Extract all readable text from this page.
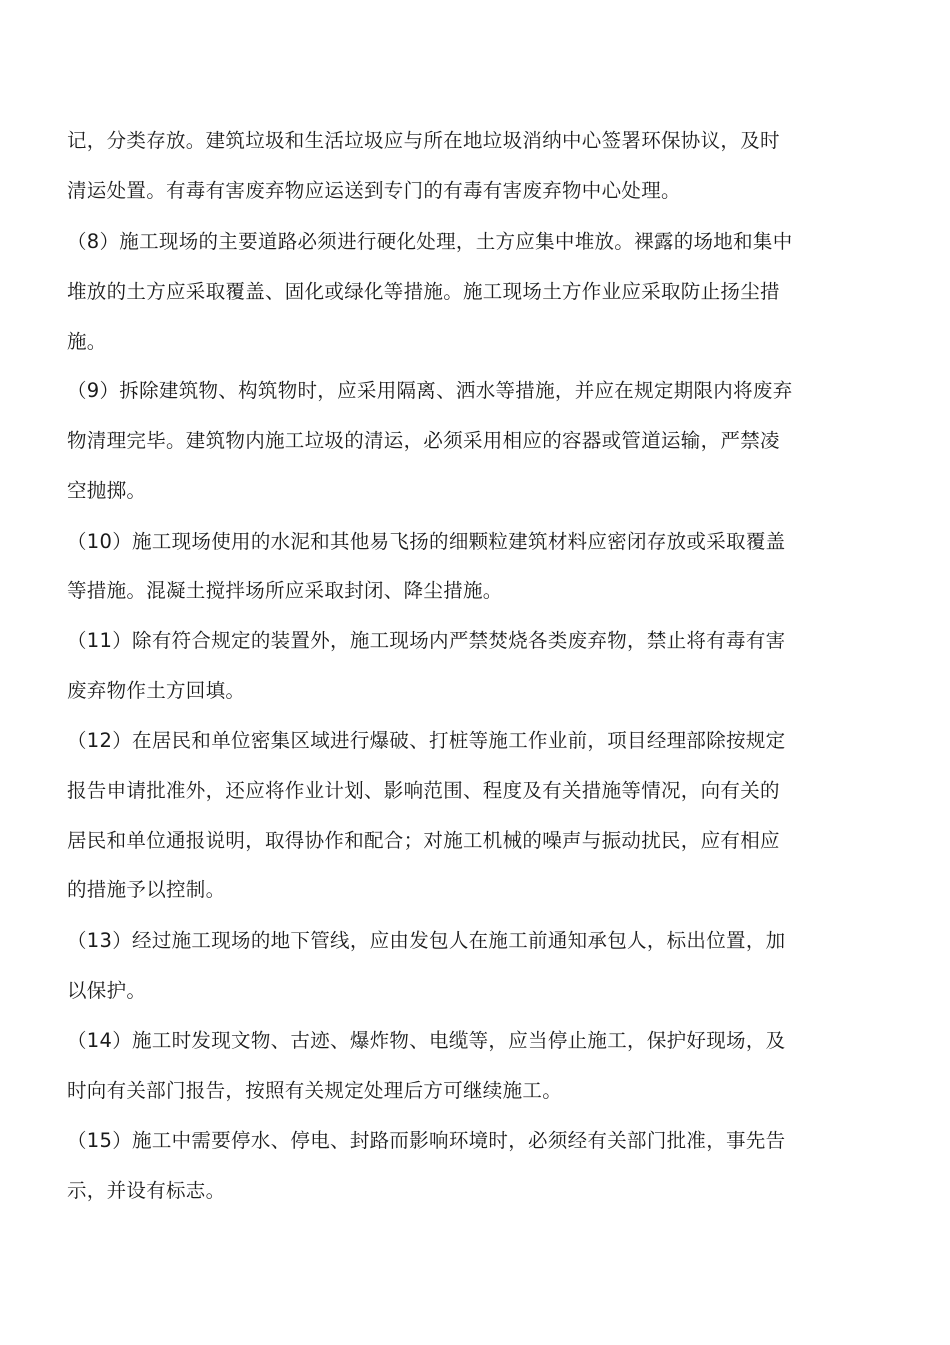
记，分类存放。建筑垃圾和生活垃圾应与所在地垃圾消纳中心签署环保协议，及时
清运处置。有毒有害废弃物应运送到专门的有毒有害废弃物中心处理。
（8）施工现场的主要道路必须进行硬化处理，土方应集中堆放。裸露的场地和集中
堆放的土方应采取覆盖、固化或绿化等措施。施工现场土方作业应采取防止扬尘措
施。
（9）拆除建筑物、构筑物时，应采用隔离、洒水等措施，并应在规定期限内将废弃
物清理完毕。建筑物内施工垃圾的清运，必须采用相应的容器或管道运输，严禁凌
空抛掷。
（10）施工现场使用的水泥和其他易飞扬的细颗粒建筑材料应密闭存放或采取覆盖
等措施。混凝土搅拌场所应采取封闭、降尘措施。
（11）除有符合规定的装置外，施工现场内严禁焚烧各类废弃物，禁止将有毒有害
废弃物作土方回填。
（12）在居民和单位密集区域进行爆破、打桩等施工作业前，项目经理部除按规定
报告申请批准外，还应将作业计划、影响范围、程度及有关措施等情况，向有关的
居民和单位通报说明，取得协作和配合；对施工机械的噪声与振动扰民，应有相应
的措施予以控制。
（13）经过施工现场的地下管线，应由发包人在施工前通知承包人，标出位置，加
以保护。
（14）施工时发现文物、古迹、爆炸物、电缆等，应当停止施工，保护好现场，及
时向有关部门报告，按照有关规定处理后方可继续施工。
（15）施工中需要停水、停电、封路而影响环境时，必须经有关部门批准，事先告
示，并设有标志。
